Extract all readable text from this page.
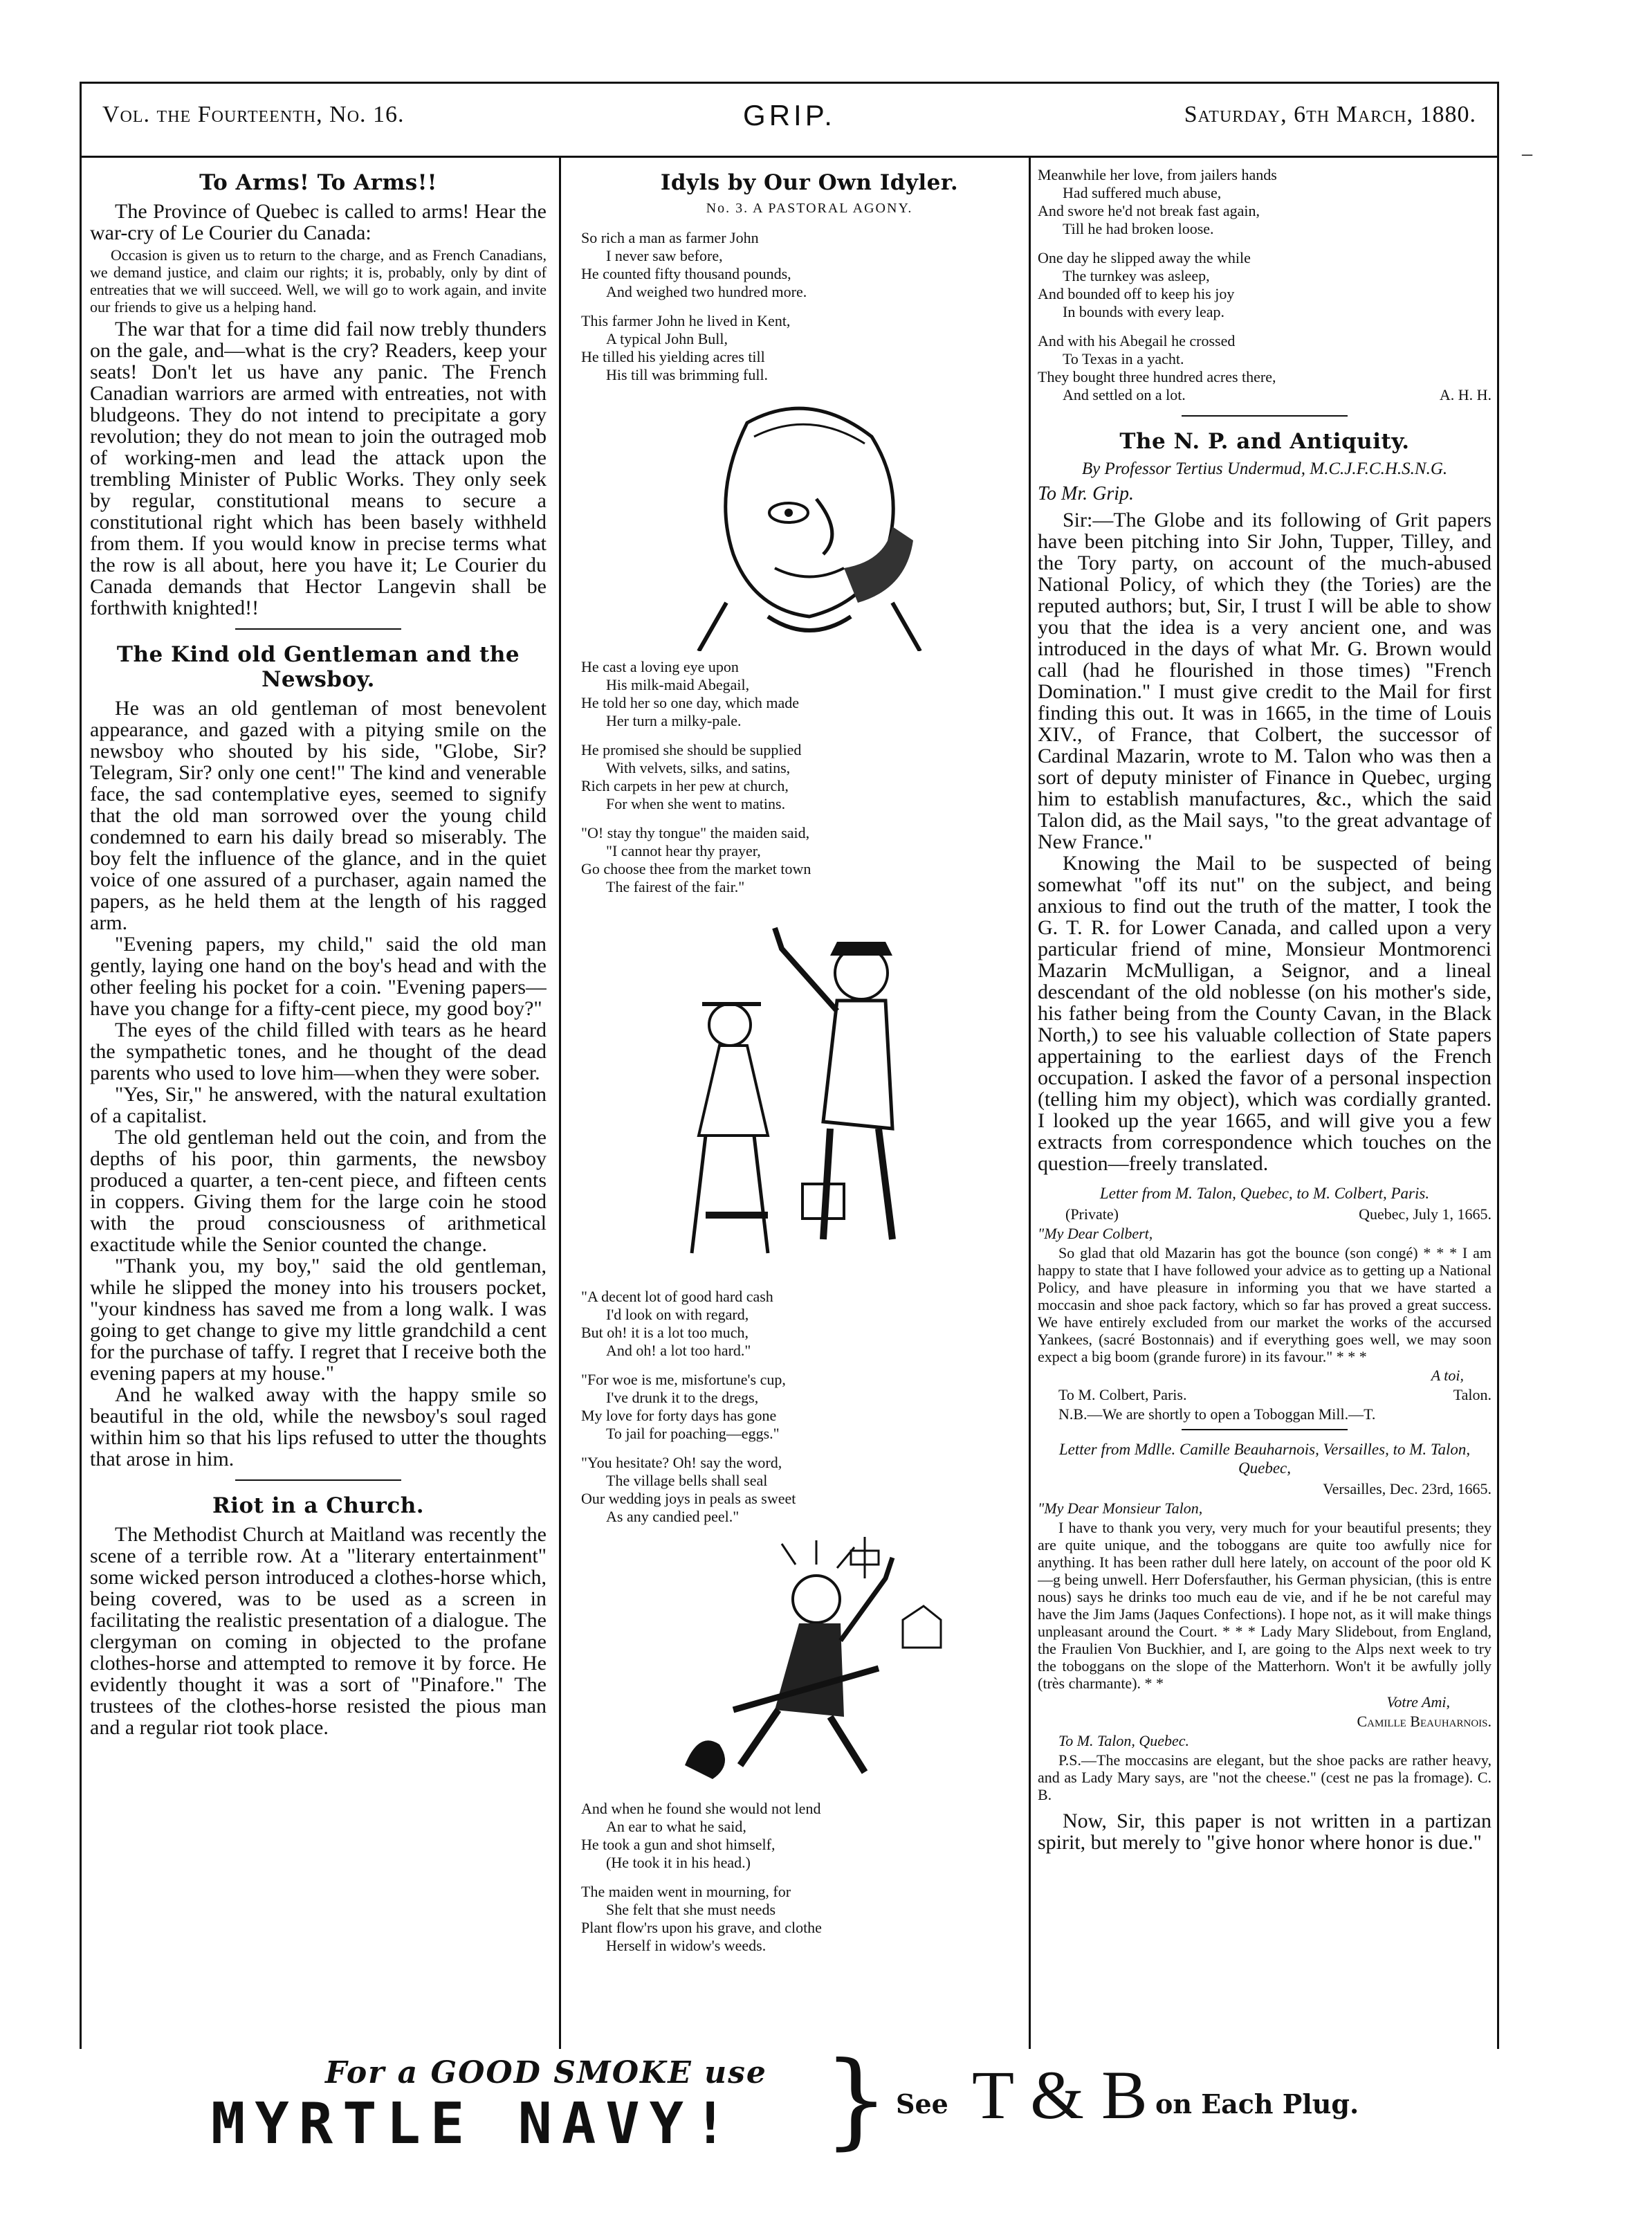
Vol. the Fourteenth, No. 16.	GRIP.	Saturday, 6th March, 1880.
–
To Arms! To Arms!!

The Province of Quebec is called to arms! Hear the war-cry of Le Courier du Canada:

Occasion is given us to return to the charge, and as French Canadians, we demand justice, and claim our rights; it is, probably, only by dint of entreaties that we will succeed. Well, we will go to work again, and invite our friends to give us a helping hand.

The war that for a time did fail now trebly thunders on the gale, and—what is the cry? Readers, keep your seats! Don't let us have any panic. The French Canadian warriors are armed with entreaties, not with bludgeons. They do not intend to precipitate a gory revolution; they do not mean to join the outraged mob of working-men and lead the attack upon the trembling Minister of Public Works. They only seek by regular, constitutional means to secure a constitutional right which has been basely withheld from them. If you would know in precise terms what the row is all about, here you have it; Le Courier du Canada demands that Hector Langevin shall be forthwith knighted!!

The Kind old Gentleman and the Newsboy.

He was an old gentleman of most benevolent appearance, and gazed with a pitying smile on the newsboy who shouted by his side, "Globe, Sir? Telegram, Sir? only one cent!" The kind and venerable face, the sad contemplative eyes, seemed to signify that the old man sorrowed over the young child condemned to earn his daily bread so miserably. The boy felt the influence of the glance, and in the quiet voice of one assured of a purchaser, again named the papers, as he held them at the length of his ragged arm.

"Evening papers, my child," said the old man gently, laying one hand on the boy's head and with the other feeling his pocket for a coin. "Evening papers—have you change for a fifty-cent piece, my good boy?"

The eyes of the child filled with tears as he heard the sympathetic tones, and he thought of the dead parents who used to love him—when they were sober.

"Yes, Sir," he answered, with the natural exultation of a capitalist.

The old gentleman held out the coin, and from the depths of his poor, thin garments, the newsboy produced a quarter, a ten-cent piece, and fifteen cents in coppers. Giving them for the large coin he stood with the proud consciousness of arithmetical exactitude while the Senior counted the change.

"Thank you, my boy," said the old gentleman, while he slipped the money into his trousers pocket, "your kindness has saved me from a long walk. I was going to get change to give my little grandchild a cent for the purchase of taffy. I regret that I receive both the evening papers at my house."

And he walked away with the happy smile so beautiful in the old, while the newsboy's soul raged within him so that his lips refused to utter the thoughts that arose in him.

Riot in a Church.

The Methodist Church at Maitland was recently the scene of a terrible row. At a "literary entertainment" some wicked person introduced a clothes-horse which, being covered, was to be used as a screen in facilitating the realistic presentation of a dialogue. The clergyman on coming in objected to the profane clothes-horse and attempted to remove it by force. He evidently thought it was a sort of "Pinafore." The trustees of the clothes-horse resisted the pious man and a regular riot took place.

Idyls by Our Own Idyler.
No. 3. A PASTORAL AGONY.
So rich a man as farmer John
I never saw before,
He counted fifty thousand pounds,
And weighed two hundred more.
This farmer John he lived in Kent,
A typical John Bull,
He tilled his yielding acres till
His till was brimming full.
He cast a loving eye upon
His milk-maid Abegail,
He told her so one day, which made
Her turn a milky-pale.
He promised she should be supplied
With velvets, silks, and satins,
Rich carpets in her pew at church,
For when she went to matins.
"O! stay thy tongue" the maiden said,
"I cannot hear thy prayer,
Go choose thee from the market town
The fairest of the fair."
"A decent lot of good hard cash
I'd look on with regard,
But oh! it is a lot too much,
And oh! a lot too hard."
"For woe is me, misfortune's cup,
I've drunk it to the dregs,
My love for forty days has gone
To jail for poaching—eggs."
"You hesitate? Oh! say the word,
The village bells shall seal
Our wedding joys in peals as sweet
As any candied peel."
And when he found she would not lend
An ear to what he said,
He took a gun and shot himself,
(He took it in his head.)
The maiden went in mourning, for
She felt that she must needs
Plant flow'rs upon his grave, and clothe
Herself in widow's weeds.
Meanwhile her love, from jailers hands
Had suffered much abuse,
And swore he'd not break fast again,
Till he had broken loose.
One day he slipped away the while
The turnkey was asleep,
And bounded off to keep his joy
In bounds with every leap.
And with his Abegail he crossed
To Texas in a yacht.
They bought three hundred acres there,
And settled on a lot.	A. H. H.
The N. P. and Antiquity.
By Professor Tertius Undermud, M.C.J.F.C.H.S.N.G.
To Mr. Grip.

Sir:—The Globe and its following of Grit papers have been pitching into Sir John, Tupper, Tilley, and the Tory party, on account of the much-abused National Policy, of which they (the Tories) are the reputed authors; but, Sir, I trust I will be able to show you that the idea is a very ancient one, and was introduced in the days of what Mr. G. Brown would call (had he flourished in those times) "French Domination." I must give credit to the Mail for first finding this out. It was in 1665, in the time of Louis XIV., of France, that Colbert, the successor of Cardinal Mazarin, wrote to M. Talon who was then a sort of deputy minister of Finance in Quebec, urging him to establish manufactures, &c., which the said Talon did, as the Mail says, "to the great advantage of New France."

Knowing the Mail to be suspected of being somewhat "off its nut" on the subject, and being anxious to find out the truth of the matter, I took the G. T. R. for Lower Canada, and called upon a very particular friend of mine, Monsieur Montmorenci Mazarin McMulligan, a Seignor, and a lineal descendant of the old noblesse (on his mother's side, his father being from the County Cavan, in the Black North,) to see his valuable collection of State papers appertaining to the earliest days of the French occupation. I asked the favor of a personal inspection (telling him my object), which was cordially granted. I looked up the year 1665, and will give you a few extracts from correspondence which touches on the question—freely translated.

Letter from M. Talon, Quebec, to M. Colbert, Paris.
(Private)	Quebec, July 1, 1665.
"My Dear Colbert,

So glad that old Mazarin has got the bounce (son congé) * * * I am happy to state that I have followed your advice as to getting up a National Policy, and have pleasure in informing you that we have started a moccasin and shoe pack factory, which so far has proved a great success. We have entirely excluded from our market the works of the accursed Yankees, (sacré Bostonnais) and if everything goes well, we may soon expect a big boom (grande furore) in its favour." * * *

A toi,
To M. Colbert, Paris.	Talon.
N.B.—We are shortly to open a Toboggan Mill.—T.
Letter from Mdlle. Camille Beauharnois, Versailles, to M. Talon, Quebec,
Versailles, Dec. 23rd, 1665.
"My Dear Monsieur Talon,

I have to thank you very, very much for your beautiful presents; they are quite unique, and the toboggans are quite too awfully nice for anything. It has been rather dull here lately, on account of the poor old K—g being unwell. Herr Dofersfauther, his German physician, (this is entre nous) says he drinks too much eau de vie, and if he be not careful may have the Jim Jams (Jaques Confections). I hope not, as it will make things unpleasant around the Court. * * * Lady Mary Slidebout, from England, the Fraulien Von Buckhier, and I, are going to the Alps next week to try the toboggans on the slope of the Matterhorn. Won't it be awfully jolly (très charmante). * *

Votre Ami,
Camille Beauharnois.
To M. Talon, Quebec.

P.S.—The moccasins are elegant, but the shoe packs are rather heavy, and as Lady Mary says, are "not the cheese." (cest ne pas la fromage). C. B.

Now, Sir, this paper is not written in a partizan spirit, but merely to "give honor where honor is due."

For a GOOD SMOKE use
MYRTLE NAVY! } See T & B on Each Plug.
